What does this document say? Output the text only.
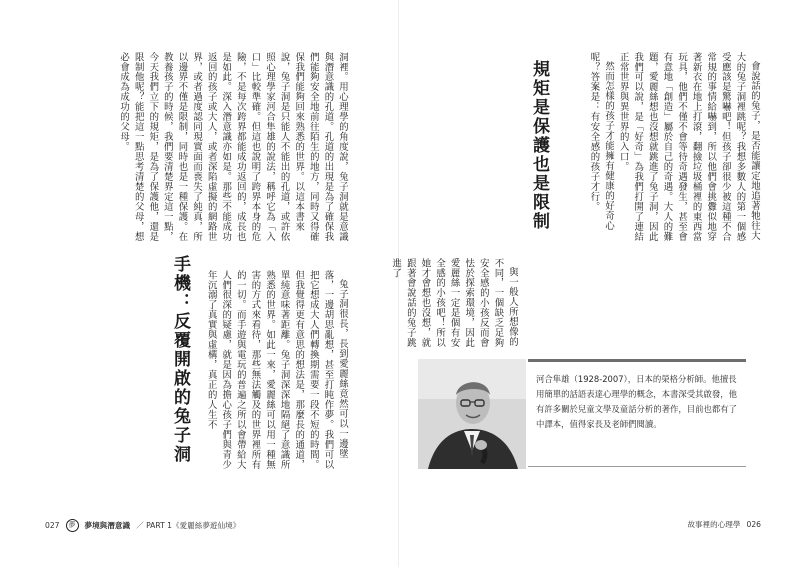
洞裡。用心理學的角度說，兔子洞就是意識與潛意識的孔道。孔道的出現是為了確保我們能夠安全地前往陌生的地方，同時又得確保我們能夠回來熟悉的世界。以這本書來說，兔子洞是只能人不能出的孔道，或許依照心理學家河合隼雄的說法，稱呼它為「入口」比較準確。但這也說明了跨界本身的危險，不是每次跨界都能成功返回的，成長也是如此。深入潛意識亦如是。那些不能成功返回的孩子或大人，或者深陷虛擬的網路世界，或者過度認同現實面而喪失了純真，所以邊界不僅是限制，同時也是一種保護。在教養孩子的時候，我們要清楚界定這一點，今天我們立下的規矩，是為了保護他，還是限制他呢？能把這一點思考清楚的父母，想必會成為成功的父母。

手機：反覆開啟的兔子洞	兔子洞很長，長到愛麗絲竟然可以一邊墜落，一邊胡思亂想，甚至打盹作夢。我們可以把它想成大人們轉換期需要一段不短的時間。但我覺得更有意思的想法是，那麼長的通道，單純意味著距離。兔子洞深深地隔絕了意識所熟悉的世界。如此一來，愛麗絲可以用一種無害的方式來看待，那些無法觸及的世界裡所有的一切。而手遊與電玩的普遍之所以會帶給大人們很深的疑慮，就是因為擔心孩子們與青少年沉溺了真實與虛構，真正的人生不

027 夢 夢境與潛意識 ／ PART 1《愛麗絲夢遊仙境》

會說話的兔子，是否能讓定地追著牠往大大的兔子洞裡跳呢？我想多數人的第一個感受應該是驚嚇吧！但孩子卻很少被這種不合常規的事情給嚇到，所以他們會挑釁似地穿著新衣在地上打滾，翻撿垃圾桶裡的東西當玩具，他們不僅不會等待奇遇發生，甚至會有意地「創造」屬於自己的奇遇。大人的難題，愛麗絲想也沒想就跳進了兔子洞，因此我們可以說，是「好奇」為我們打開了連結正常世界與異世界的入口。

然而怎樣的孩子才能擁有健康的好奇心呢？答案是：有安全感的孩子才行。

規矩是保護也是限制

與一般人所想像的不同，一個缺乏足夠安全感的小孩反而會怯於探索環境，因此愛麗絲一定是個有安全感的小孩吧！所以她才會想也沒想，就跟著會說話的兔子跳進了

故事裡的心理學 026
河合隼雄（1928-2007），日本的榮格分析師。他擅長用簡單的話語表達心理學的概念，本書深受其啟發，他有許多關於兒童文學及童話分析的著作，目前也都有了中譯本，值得家長及老師們閱讀。
